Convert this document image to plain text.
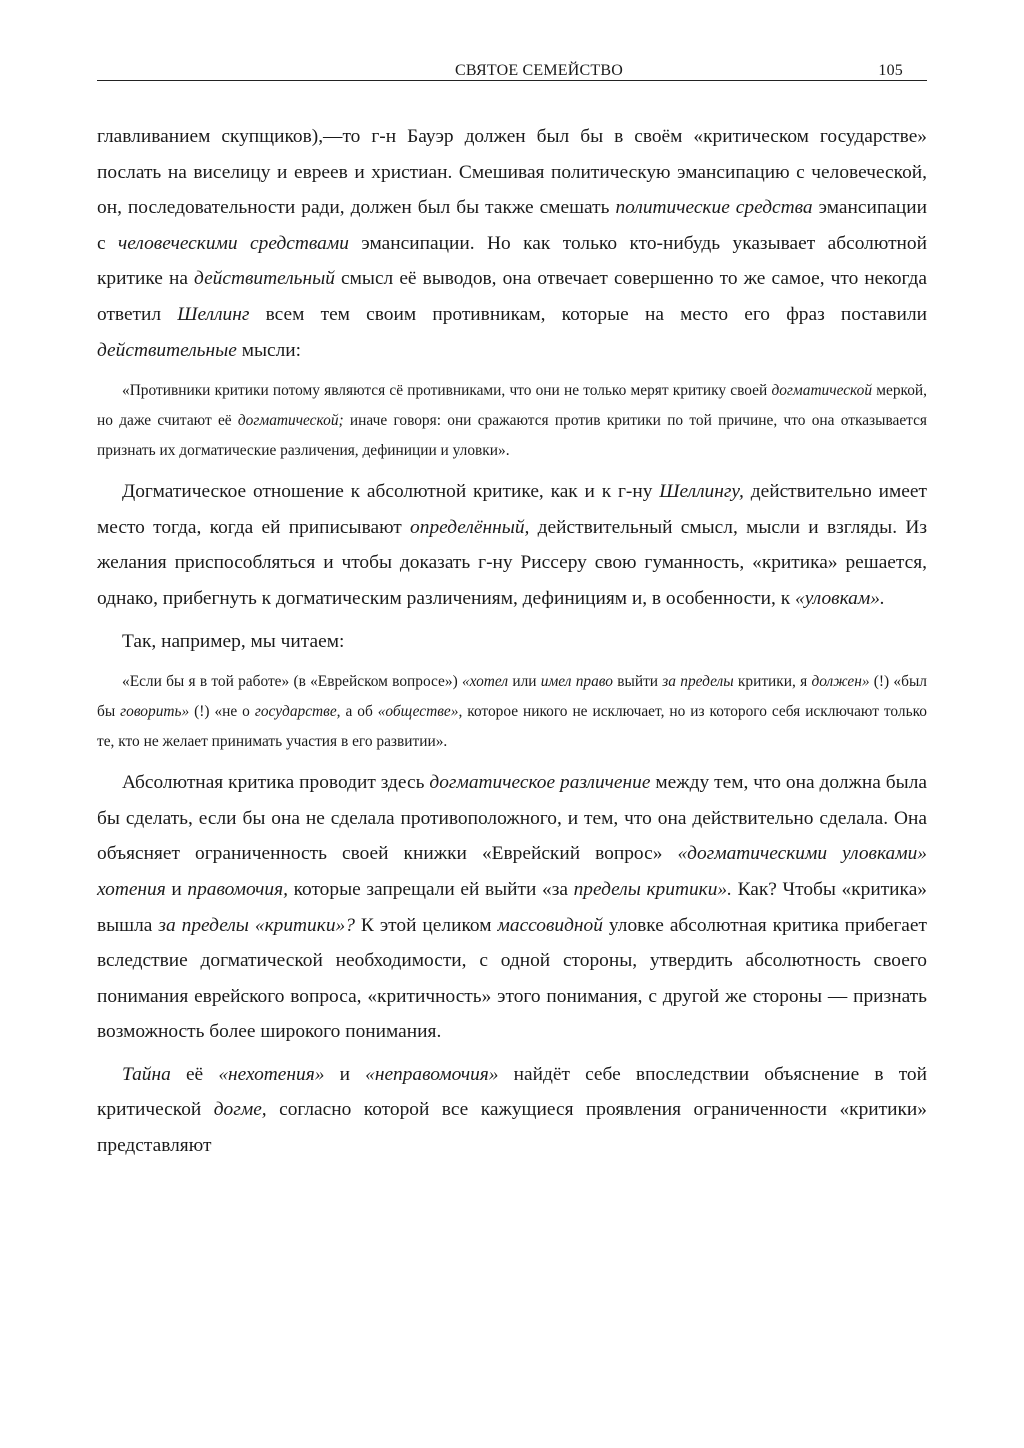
СВЯТОЕ СЕМЕЙСТВО	105

главливанием скупщиков),—то г-н Бауэр должен был бы в своём «критическом государстве» послать на виселицу и евреев и христиан. Смешивая политическую эмансипацию с человеческой, он, последовательности ради, должен был бы также смешать политические средства эмансипации с человеческими средствами эмансипации. Но как только кто-нибудь указывает абсолютной критике на действительный смысл её выводов, она отвечает совершенно то же самое, что некогда ответил Шеллинг всем тем своим противникам, которые на место его фраз поставили действительные мысли:

«Противники критики потому являются сё противниками, что они не только мерят критику своей догматической меркой, но даже считают её догматической; иначе говоря: они сражаются против критики по той причине, что она отказывается признать их догматические различения, дефиниции и уловки».

Догматическое отношение к абсолютной критике, как и к г-ну Шеллингу, действительно имеет место тогда, когда ей приписывают определённый, действительный смысл, мысли и взгляды. Из желания приспособляться и чтобы доказать г-ну Риссеру свою гуманность, «критика» решается, однако, прибегнуть к догматическим различениям, дефинициям и, в особенности, к «уловкам».

Так, например, мы читаем:

«Если бы я в той работе» (в «Еврейском вопросе») «хотел или имел право выйти за пределы критики, я должен» (!) «был бы говорить» (!) «не о государстве, а об «обществе», которое никого не исключает, но из которого себя исключают только те, кто не желает принимать участия в его развитии».

Абсолютная критика проводит здесь догматическое различение между тем, что она должна была бы сделать, если бы она не сделала противоположного, и тем, что она действительно сделала. Она объясняет ограниченность своей книжки «Еврейский вопрос» «догматическими уловками» хотения и правомочия, которые запрещали ей выйти «за пределы критики». Как? Чтобы «критика» вышла за пределы «критики»? К этой целиком массовидной уловке абсолютная критика прибегает вследствие догматической необходимости, с одной стороны, утвердить абсолютность своего понимания еврейского вопроса, «критичность» этого понимания, с другой же стороны — признать возможность более широкого понимания.

Тайна её «нехотения» и «неправомочия» найдёт себе впоследствии объяснение в той критической догме, согласно которой все кажущиеся проявления ограниченности «критики» представляют
